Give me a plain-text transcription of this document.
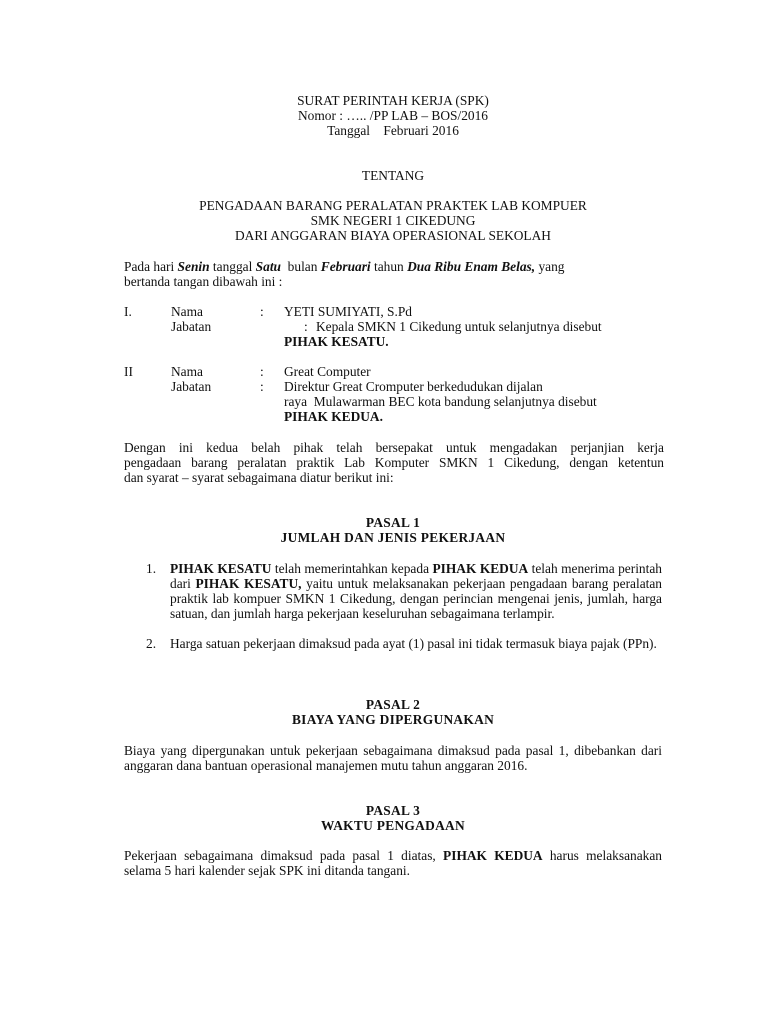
SURAT PERINTAH KERJA (SPK)
Nomor : ….. /PP LAB – BOS/2016
Tanggal    Februari 2016
TENTANG
PENGADAAN BARANG PERALATAN PRAKTEK LAB KOMPUER
SMK NEGERI 1 CIKEDUNG
DARI ANGGARAN BIAYA OPERASIONAL SEKOLAH
Pada hari Senin tanggal Satu  bulan Februari tahun Dua Ribu Enam Belas, yang
bertanda tangan dibawah ini :
I.	Nama	: YETI SUMIYATI, S.Pd
Jabatan	: Kepala SMKN 1 Cikedung untuk selanjutnya disebut
PIHAK KESATU.
II	Nama	: Great Computer
Jabatan	: Direktur Great Cromputer berkedudukan dijalan
raya  Mulawarman BEC kota bandung selanjutnya disebut
PIHAK KEDUA.
Dengan ini kedua belah pihak telah bersepakat untuk mengadakan perjanjian kerja
pengadaan barang peralatan praktik Lab Komputer SMKN 1 Cikedung, dengan ketentun
dan syarat – syarat sebagaimana diatur berikut ini:
PASAL 1
JUMLAH DAN JENIS PEKERJAAN
1. PIHAK KESATU telah memerintahkan kepada PIHAK KEDUA telah menerima perintah dari PIHAK KESATU, yaitu untuk melaksanakan pekerjaan pengadaan barang peralatan praktik lab kompuer SMKN 1 Cikedung, dengan perincian mengenai jenis, jumlah, harga satuan, dan jumlah harga pekerjaan keseluruhan sebagaimana terlampir.
2. Harga satuan pekerjaan dimaksud pada ayat (1) pasal ini tidak termasuk biaya pajak (PPn).
PASAL 2
BIAYA YANG DIPERGUNAKAN
Biaya yang dipergunakan untuk pekerjaan sebagaimana dimaksud pada pasal 1, dibebankan dari anggaran dana bantuan operasional manajemen mutu tahun anggaran 2016.
PASAL 3
WAKTU PENGADAAN
Pekerjaan sebagaimana dimaksud pada pasal 1 diatas, PIHAK KEDUA harus melaksanakan selama 5 hari kalender sejak SPK ini ditanda tangani.
